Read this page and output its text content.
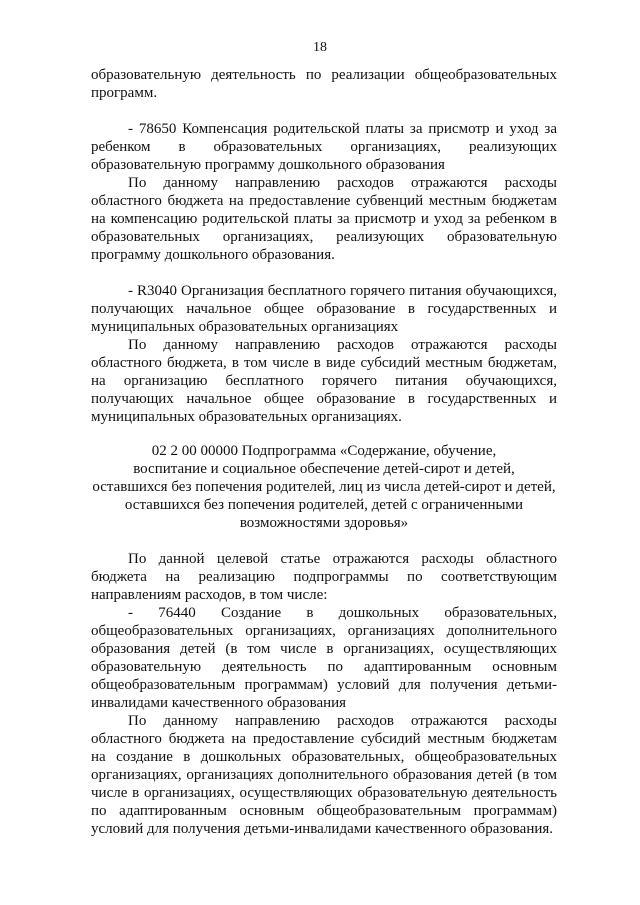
18

образовательную деятельность по реализации общеобразовательных программ.

- 78650 Компенсация родительской платы за присмотр и уход за ребенком в образовательных организациях, реализующих образовательную программу дошкольного образования

По данному направлению расходов отражаются расходы областного бюджета на предоставление субвенций местным бюджетам на компенсацию родительской платы за присмотр и уход за ребенком в образовательных организациях, реализующих образовательную программу дошкольного образования.

- R3040 Организация бесплатного горячего питания обучающихся, получающих начальное общее образование в государственных и муниципальных образовательных организациях

По данному направлению расходов отражаются расходы областного бюджета, в том числе в виде субсидий местным бюджетам, на организацию бесплатного горячего питания обучающихся, получающих начальное общее образование в государственных и муниципальных образовательных организациях.

02 2 00 00000 Подпрограмма «Содержание, обучение,
воспитание и социальное обеспечение детей-сирот и детей,
оставшихся без попечения родителей, лиц из числа детей-сирот и детей,
оставшихся без попечения родителей, детей с ограниченными
возможностями здоровья»

По данной целевой статье отражаются расходы областного бюджета на реализацию подпрограммы по соответствующим направлениям расходов, в том числе:

- 76440 Создание в дошкольных образовательных, общеобразовательных организациях, организациях дополнительного образования детей (в том числе в организациях, осуществляющих образовательную деятельность по адаптированным основным общеобразовательным программам) условий для получения детьми-инвалидами качественного образования

По данному направлению расходов отражаются расходы областного бюджета на предоставление субсидий местным бюджетам на создание в дошкольных образовательных, общеобразовательных организациях, организациях дополнительного образования детей (в том числе в организациях, осуществляющих образовательную деятельность по адаптированным основным общеобразовательным программам) условий для получения детьми-инвалидами качественного образования.
